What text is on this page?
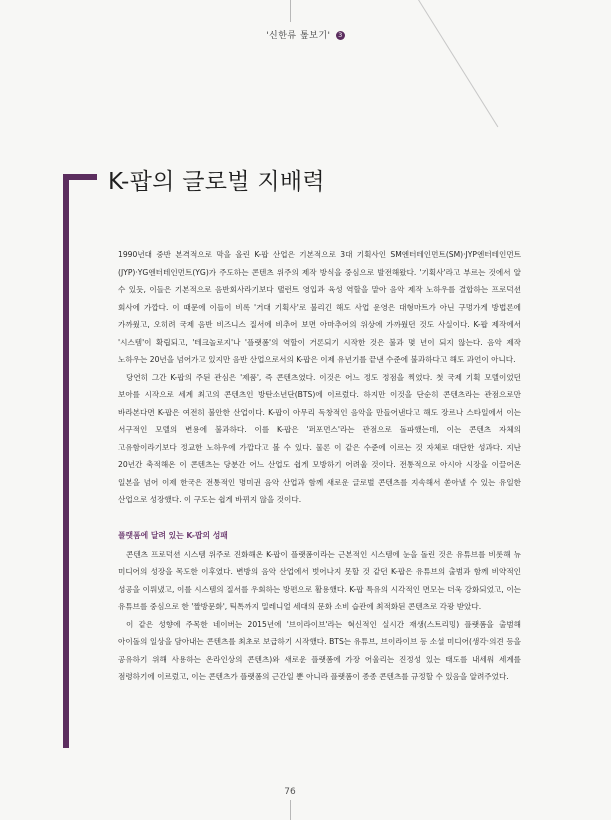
'신한류 톺보기' 3
K-팝의 글로벌 지배력

1990년대 중반 본격적으로 막을 올린 K-팝 산업은 기본적으로 3대 기획사인 SM엔터테인먼트(SM)·JYP엔터테인먼트(JYP)·YG엔터테인먼트(YG)가 주도하는 콘텐츠 위주의 제작 방식을 중심으로 발전해왔다. '기획사'라고 부르는 것에서 알 수 있듯, 이들은 기본적으로 음반회사라기보다 탤런트 영입과 육성 역할을 맡아 음악 제작 노하우를 결합하는 프로덕션 회사에 가깝다. 이 때문에 이들이 비록 '거대 기획사'로 불리긴 해도 사업 운영은 대형마트가 아닌 구멍가게 방법론에 가까웠고, 오히려 국제 음반 비즈니스 질서에 비추어 보면 아마추어의 위상에 가까웠던 것도 사실이다. K-팝 제작에서 '시스템'이 확립되고, '테크놀로지'나 '플랫폼'의 역할이 거론되기 시작한 것은 불과 몇 년이 되지 않는다. 음악 제작 노하우는 20년을 넘어가고 있지만 음반 산업으로서의 K-팝은 이제 유년기를 끝낸 수준에 불과하다고 해도 과언이 아니다.

당연히 그간 K-팝의 주된 관심은 '제품', 즉 콘텐츠였다. 이것은 어느 정도 정점을 찍었다. 첫 국제 기획 모델이었던 보아를 시작으로 세계 최고의 콘텐츠인 방탄소년단(BTS)에 이르렀다. 하지만 이것을 단순히 콘텐츠라는 관점으로만 바라본다면 K-팝은 여전히 불안한 산업이다. K-팝이 아무리 독창적인 음악을 만들어낸다고 해도 장르나 스타일에서 이는 서구적인 모델의 변용에 불과하다. 이를 K-팝은 '퍼포먼스'라는 관점으로 돌파했는데, 이는 콘텐츠 자체의 고유함이라기보다 정교한 노하우에 가깝다고 볼 수 있다. 물론 이 같은 수준에 이르는 것 자체로 대단한 성과다. 지난 20년간 축적해온 이 콘텐츠는 당분간 어느 산업도 쉽게 모방하기 어려울 것이다. 전통적으로 아시아 시장을 이끌어온 일본을 넘어 이제 한국은 전통적인 명미권 음악 산업과 함께 새로운 글로벌 콘텐츠를 지속해서 쏟아낼 수 있는 유일한 산업으로 성장했다. 이 구도는 쉽게 바뀌지 않을 것이다.

플랫폼에 달려 있는 K-팝의 성패

콘텐츠 프로덕션 시스템 위주로 진화해온 K-팝이 플랫폼이라는 근본적인 시스템에 눈을 돌린 것은 유튜브를 비롯해 뉴 미디어의 성장을 목도한 이후였다. 변방의 음악 산업에서 벗어나지 못할 것 같던 K-팝은 유튜브의 출범과 함께 비약적인 성공을 이뤄냈고, 이를 시스템의 질서를 우회하는 방편으로 활용했다. K-팝 특유의 시각적인 면모는 더욱 강화되었고, 이는 유튜브를 중심으로 한 '짤방문화', 틱톡까지 밀레니얼 세대의 문화 소비 습관에 최적화된 콘텐츠로 각광 받았다.

이 같은 성향에 주목한 네이버는 2015년에 '브이라이브'라는 혁신적인 실시간 재생(스트리밍) 플랫폼을 출범해 아이돌의 일상을 담아내는 콘텐츠를 최초로 보급하기 시작했다. BTS는 유튜브, 브이라이브 등 소셜 미디어(생각·의견 등을 공유하기 위해 사용하는 온라인상의 콘텐츠)와 새로운 플랫폼에 가장 어울리는 진정성 있는 태도를 내세워 세계를 점령하기에 이르렀고, 이는 콘텐츠가 플랫폼의 근간일 뿐 아니라 플랫폼이 종종 콘텐츠를 규정할 수 있음을 알려주었다.

76
